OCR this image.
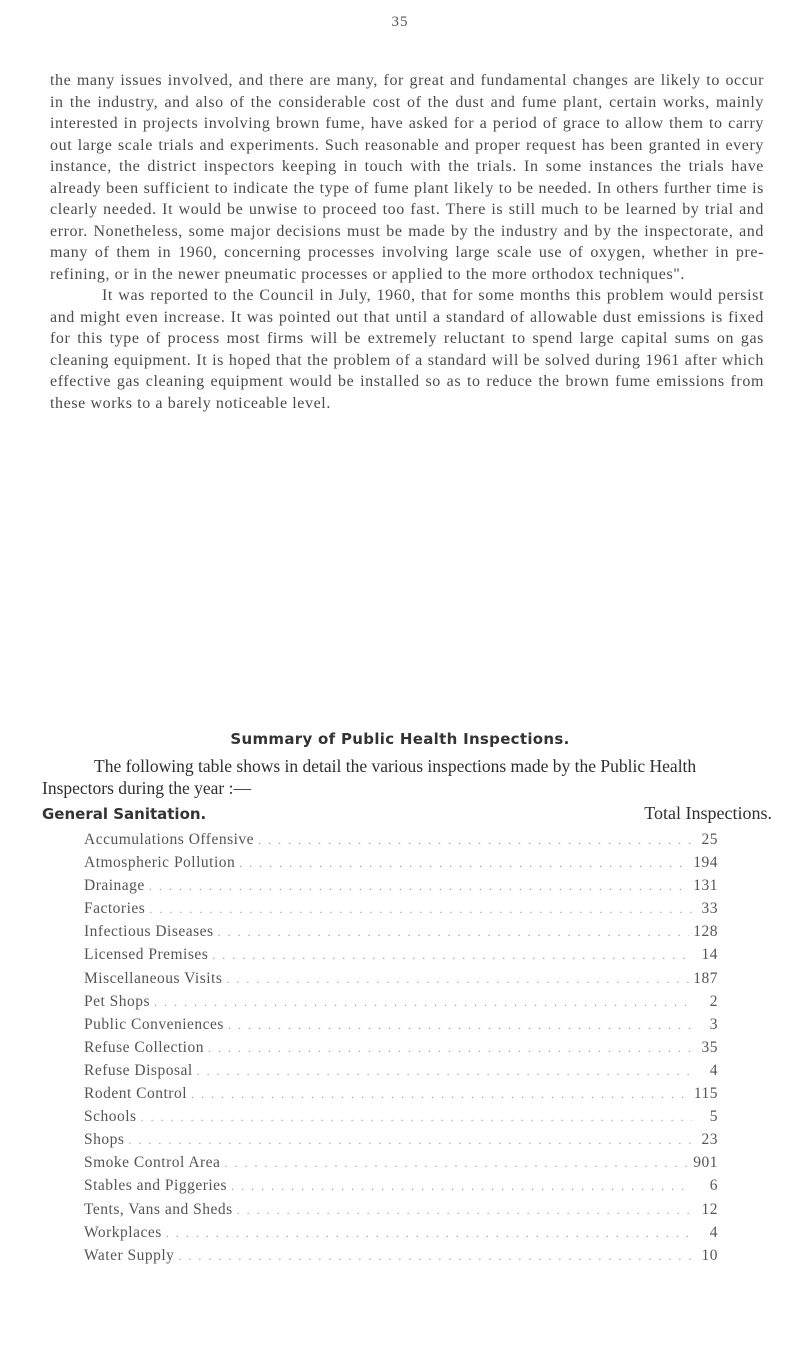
35

the many issues involved, and there are many, for great and fundamental changes are likely to occur in the industry, and also of the considerable cost of the dust and fume plant, certain works, mainly interested in projects involving brown fume, have asked for a period of grace to allow them to carry out large scale trials and experiments. Such reasonable and proper request has been granted in every instance, the district inspectors keeping in touch with the trials. In some instances the trials have already been sufficient to indicate the type of fume plant likely to be needed. In others further time is clearly needed. It would be unwise to proceed too fast. There is still much to be learned by trial and error. Nonetheless, some major decisions must be made by the industry and by the inspectorate, and many of them in 1960, concerning processes involving large scale use of oxygen, whether in pre-refining, or in the newer pneumatic processes or applied to the more orthodox techniques".

It was reported to the Council in July, 1960, that for some months this problem would persist and might even increase. It was pointed out that until a standard of allowable dust emissions is fixed for this type of process most firms will be extremely reluctant to spend large capital sums on gas cleaning equipment. It is hoped that the problem of a standard will be solved during 1961 after which effective gas cleaning equipment would be installed so as to reduce the brown fume emissions from these works to a barely noticeable level.

Summary of Public Health Inspections.

The following table shows in detail the various inspections made by the Public Health Inspectors during the year :—

General Sanitation.	Total Inspections.
Accumulations Offensive . . .	25
Atmospheric Pollution . . .	194
Drainage . . .	131
Factories . . .	33
Infectious Diseases . . .	128
Licensed Premises . . .	14
Miscellaneous Visits . . .	187
Pet Shops . . .	2
Public Conveniences . . .	3
Refuse Collection . . .	35
Refuse Disposal . . .	4
Rodent Control . . .	115
Schools . . .	5
Shops . . .	23
Smoke Control Area . . .	901
Stables and Piggeries . . .	6
Tents, Vans and Sheds . . .	12
Workplaces . . .	4
Water Supply . . .	10
